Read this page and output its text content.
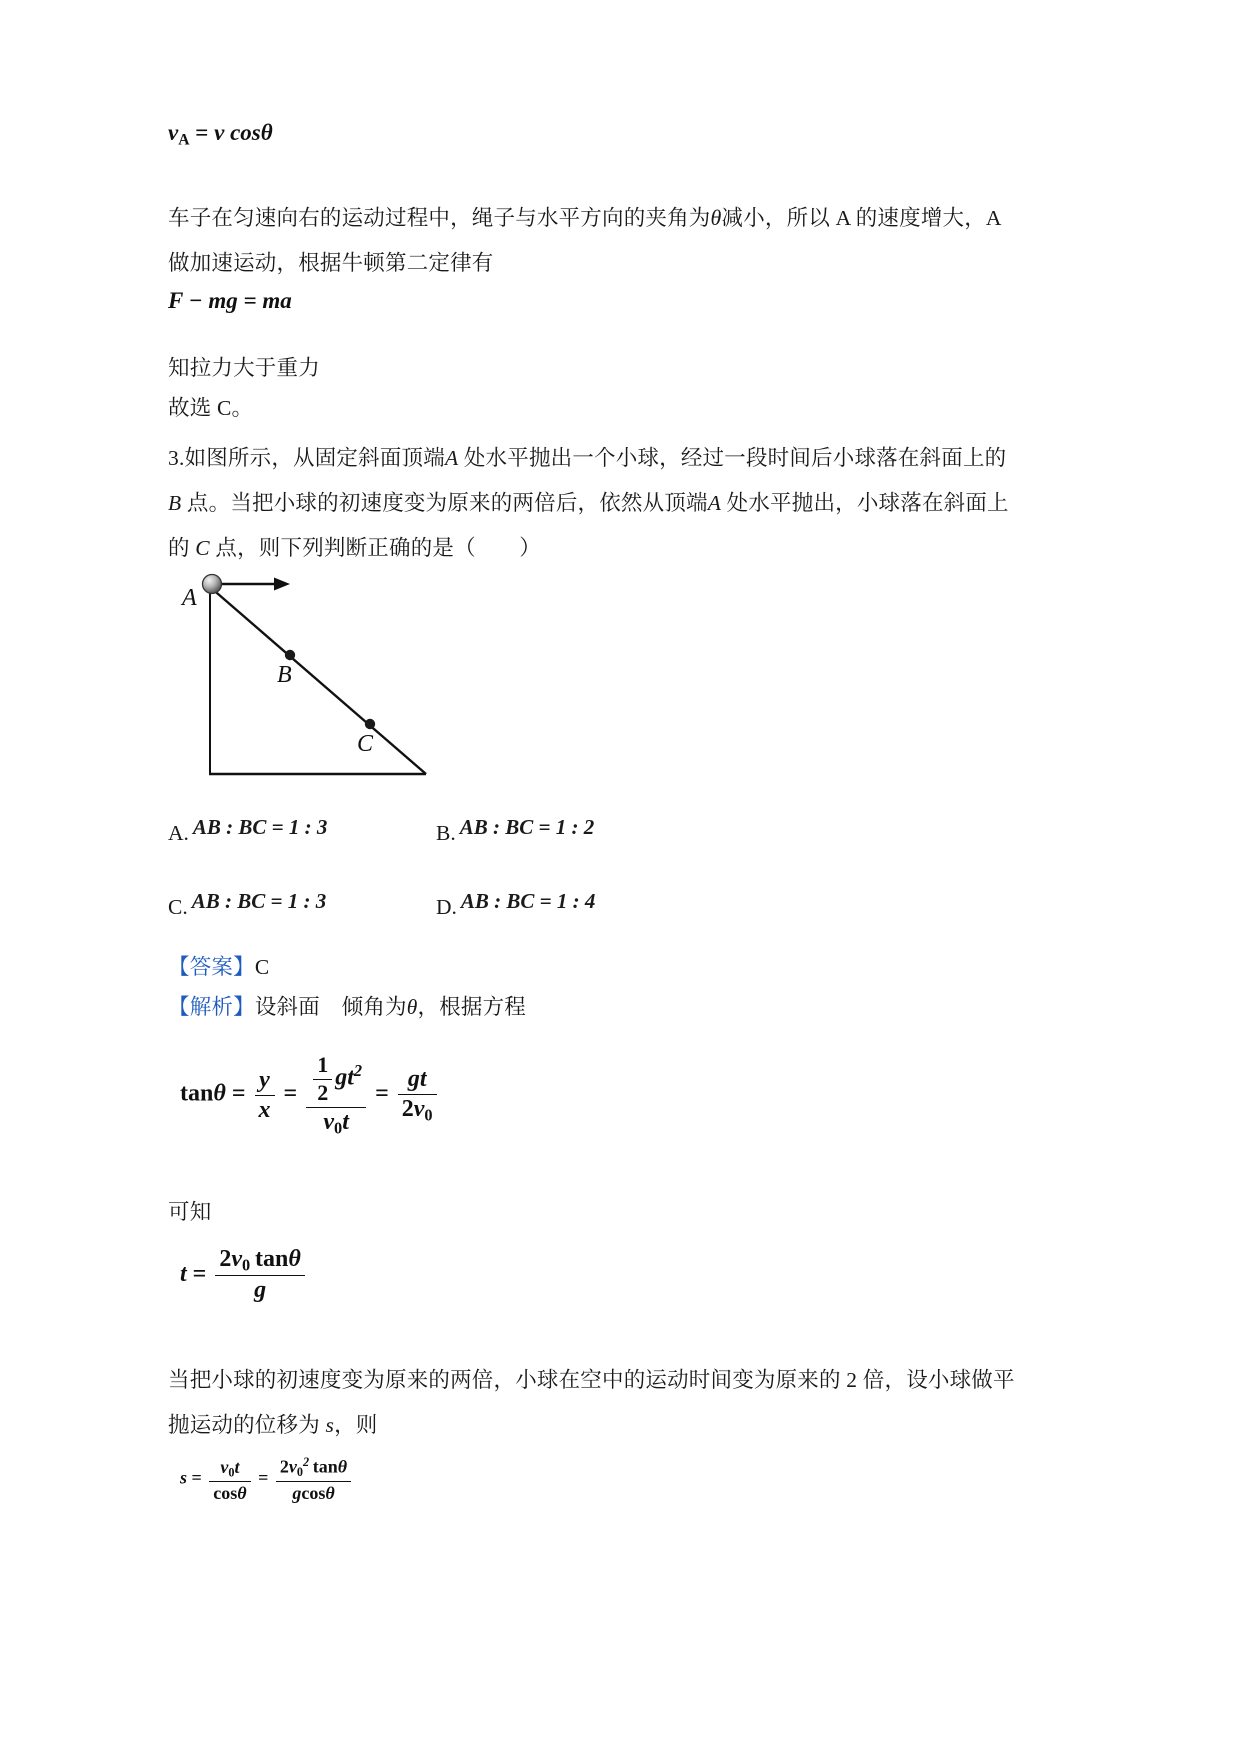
$v_A = v$ cosθ
车子在匀速向右的运动过程中，绳子与水平方向的夹角为θ减小，所以 A 的速度增大，A
做加速运动，根据牛顿第二定律有
F − mg = ma
知拉力大于重力
故选 C。
3.如图所示，从固定斜面顶端A 处水平抛出一个小球，经过一段时间后小球落在斜面上的
B 点。当把小球的初速度变为原来的两倍后，依然从顶端A 处水平抛出，小球落在斜面上
的 C 点，则下列判断正确的是（　　）
A
B
C
A. AB : BC = 1 : 3	B. AB : BC = 1 : 2
C. AB : BC = 1 : 3	D. AB : BC = 1 : 4
【答案】C
【解析】设斜面　倾角为θ，根据方程
$\tan\theta = \frac{y}{x} = \frac{\frac{1}{2} gt^2}{v_0t} = \frac{gt}{2v_0}$
可知
$t = \frac{2v_0 \tan\theta}{g}$
当把小球的初速度变为原来的两倍，小球在空中的运动时间变为原来的 2 倍，设小球做平
抛运动的位移为 s，则
$s = \frac{v_0t}{\cos\theta} = \frac{2v_0^2 \tan\theta}{gcos\theta}$
